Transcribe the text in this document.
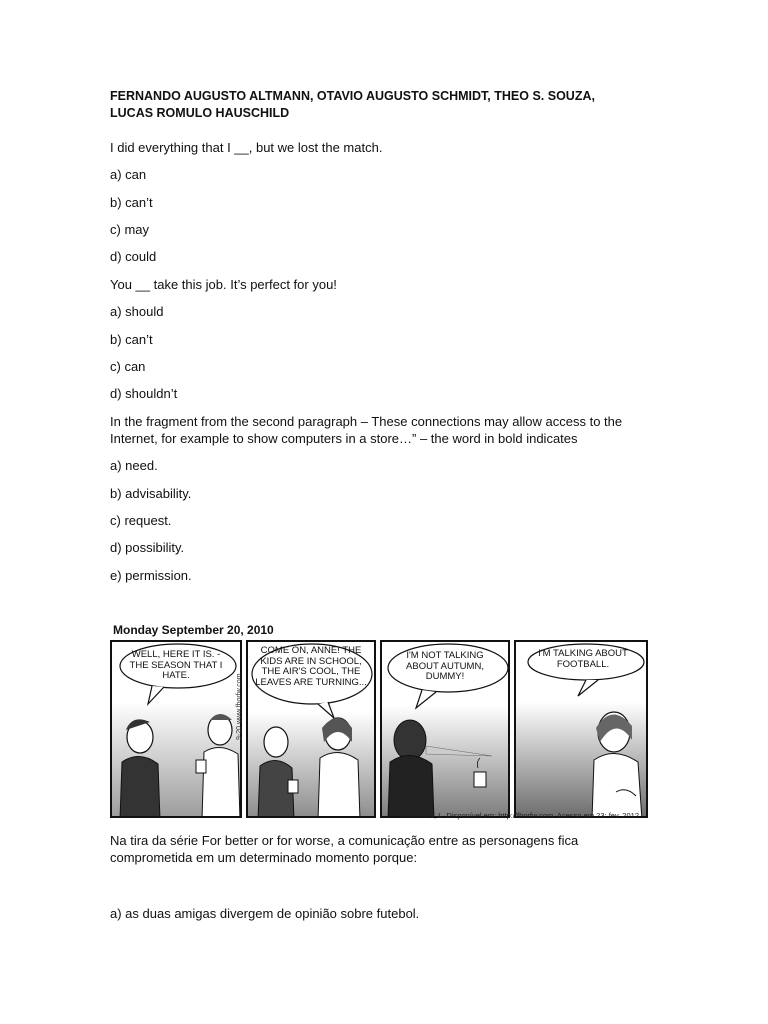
FERNANDO AUGUSTO ALTMANN, OTAVIO AUGUSTO SCHMIDT, THEO S. SOUZA, LUCAS ROMULO HAUSCHILD
I did everything that I __, but we lost the match.
a) can
b) can’t
c) may
d) could
You __ take this job. It’s perfect for you!
a) should
b) can’t
c) can
d) shouldn’t
In the fragment from the second paragraph – These connections may allow access to the Internet, for example to show computers in a store…” – the word in bold indicates
a) need.
b) advisability.
c) request.
d) possibility.
e) permission.
Monday September 20, 2010
WELL, HERE IT IS. - THE SEASON THAT I HATE.
COME ON, ANNE! THE KIDS ARE IN SCHOOL, THE AIR'S COOL, THE LEAVES ARE TURNING...
I'M NOT TALKING ABOUT AUTUMN, DUMMY!
I'M TALKING ABOUT FOOTBALL.
9-20 www.fborfw.com
RIDGWAY, L. Disponível em: http://fborfw.com. Acesso em 23: fev. 2012.
Na tira da série For better or for worse, a comunicação entre as personagens fica comprometida em um determinado momento porque:
a) as duas amigas divergem de opinião sobre futebol.
